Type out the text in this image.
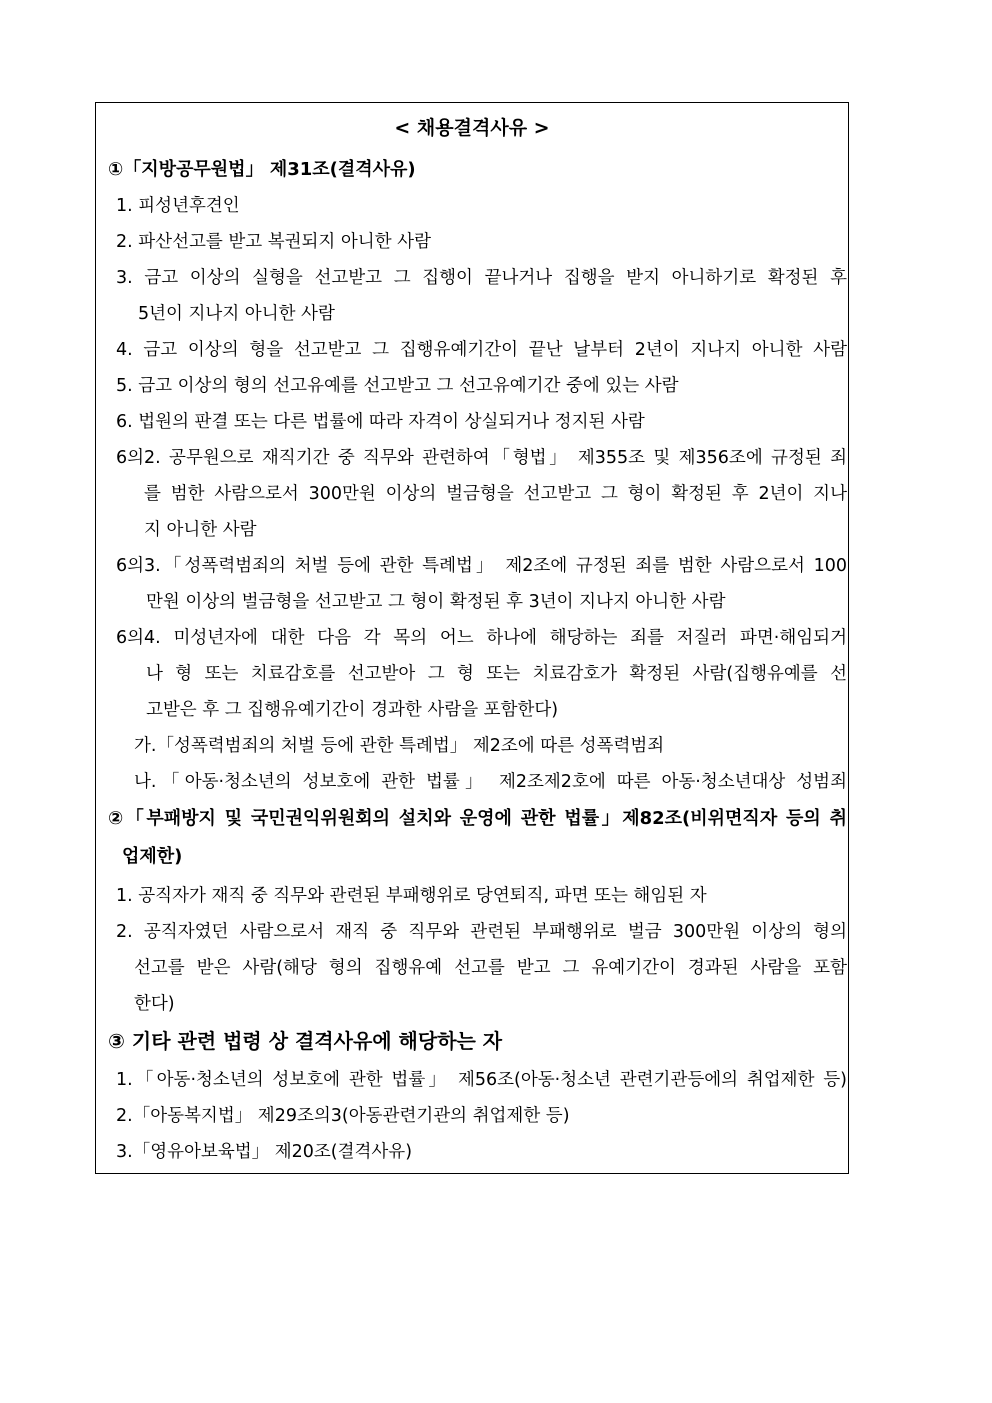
< 채용결격사유 >
①「지방공무원법」 제31조(결격사유)
1. 피성년후견인
2. 파산선고를 받고 복권되지 아니한 사람
3. 금고 이상의 실형을 선고받고 그 집행이 끝나거나 집행을 받지 아니하기로 확정된 후
5년이 지나지 아니한 사람
4. 금고 이상의 형을 선고받고 그 집행유예기간이 끝난 날부터 2년이 지나지 아니한 사람
5. 금고 이상의 형의 선고유예를 선고받고 그 선고유예기간 중에 있는 사람
6. 법원의 판결 또는 다른 법률에 따라 자격이 상실되거나 정지된 사람
6의2. 공무원으로 재직기간 중 직무와 관련하여「형법」 제355조 및 제356조에 규정된 죄
를 범한 사람으로서 300만원 이상의 벌금형을 선고받고 그 형이 확정된 후 2년이 지나
지 아니한 사람
6의3.「성폭력범죄의 처벌 등에 관한 특례법」 제2조에 규정된 죄를 범한 사람으로서 100
만원 이상의 벌금형을 선고받고 그 형이 확정된 후 3년이 지나지 아니한 사람
6의4. 미성년자에 대한 다음 각 목의 어느 하나에 해당하는 죄를 저질러 파면·해임되거
나 형 또는 치료감호를 선고받아 그 형 또는 치료감호가 확정된 사람(집행유예를 선
고받은 후 그 집행유예기간이 경과한 사람을 포함한다)
가.「성폭력범죄의 처벌 등에 관한 특례법」 제2조에 따른 성폭력범죄
나.「아동·청소년의 성보호에 관한 법률」 제2조제2호에 따른 아동·청소년대상 성범죄
②「부패방지 및 국민권익위원회의 설치와 운영에 관한 법률」제82조(비위면직자 등의 취
업제한)
1. 공직자가 재직 중 직무와 관련된 부패행위로 당연퇴직, 파면 또는 해임된 자
2. 공직자였던 사람으로서 재직 중 직무와 관련된 부패행위로 벌금 300만원 이상의 형의
선고를 받은 사람(해당 형의 집행유예 선고를 받고 그 유예기간이 경과된 사람을 포함
한다)
③ 기타 관련 법령 상 결격사유에 해당하는 자
1.「아동·청소년의 성보호에 관한 법률」 제56조(아동·청소년 관련기관등에의 취업제한 등)
2.「아동복지법」 제29조의3(아동관련기관의 취업제한 등)
3.「영유아보육법」 제20조(결격사유)
